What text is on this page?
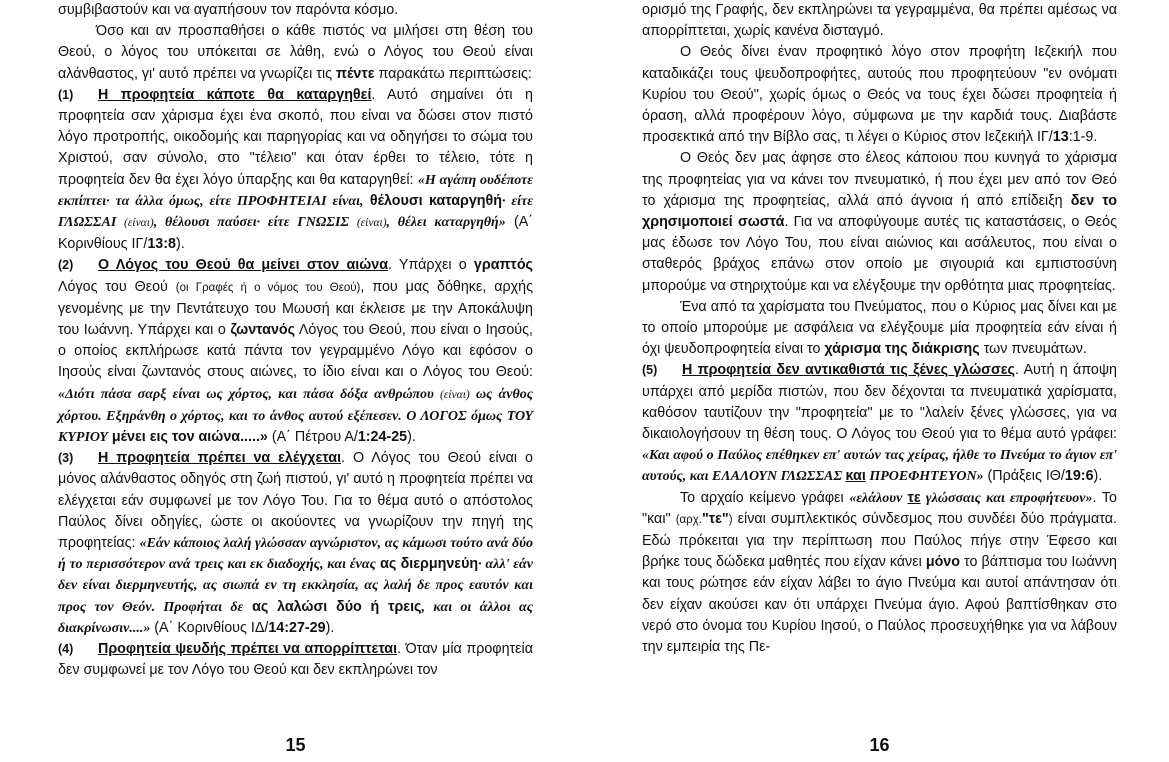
συμβιβαστούν και να αγαπήσουν τον παρόντα κόσμο.

Όσο και αν προσπαθήσει ο κάθε πιστός να μιλήσει στη θέση του Θεού, ο λόγος του υπόκειται σε λάθη, ενώ ο Λόγος του Θεού είναι αλάνθαστος, γι' αυτό πρέπει να γνωρίζει τις πέντε παρακάτω περιπτώσεις:

(1) Η προφητεία κάποτε θα καταργηθεί. Αυτό σημαίνει ότι η προφητεία σαν χάρισμα έχει ένα σκοπό, που είναι να δώσει στον πιστό λόγο προτροπής, οικοδομής και παρηγορίας και να οδηγήσει το σώμα του Χριστού, σαν σύνολο, στο "τέλειο" και όταν έρθει το τέλειο, τότε η προφητεία δεν θα έχει λόγο ύπαρξης και θα καταργηθεί: «Η αγάπη ουδέποτε εκπίπτει· τα άλλα όμως, είτε ΠΡΟΦΗΤΕΙΑΙ είναι, θέλουσι καταργηθή· είτε ΓΛΩΣΣΑΙ (είναι), θέλουσι παύσει· είτε ΓΝΩΣΙΣ (είναι), θέλει καταργηθή» (Α΄ Κορινθίους ΙΓ/13:8).

(2) Ο Λόγος του Θεού θα μείνει στον αιώνα. Υπάρχει ο γραπτός Λόγος του Θεού (οι Γραφές ή ο νόμος του Θεού), που μας δόθηκε, αρχής γενομένης με την Πεντάτευχο του Μωυσή και έκλεισε με την Αποκάλυψη του Ιωάννη. Υπάρχει και ο ζωντανός Λόγος του Θεού, που είναι ο Ιησούς, ο οποίος εκπλήρωσε κατά πάντα τον γεγραμμένο Λόγο και εφόσον ο Ιησούς είναι ζωντανός στους αιώνες, το ίδιο είναι και ο Λόγος του Θεού: «Διότι πάσα σαρξ είναι ως χόρτος, και πάσα δόξα ανθρώπου (είναι) ως άνθος χόρτου. Εξηράνθη ο χόρτος, και το άνθος αυτού εξέπεσεν. Ο ΛΟΓΟΣ όμως ΤΟΥ ΚΥΡΙΟΥ μένει εις τον αιώνα.....» (Α΄ Πέτρου Α/1:24-25).

(3) Η προφητεία πρέπει να ελέγχεται. Ο Λόγος του Θεού είναι ο μόνος αλάνθαστος οδηγός στη ζωή πιστού, γι' αυτό η προφητεία πρέπει να ελέγχεται εάν συμφωνεί με τον Λόγο Του. Για το θέμα αυτό ο απόστολος Παύλος δίνει οδηγίες, ώστε οι ακούοντες να γνωρίζουν την πηγή της προφητείας: «Εάν κάποιος λαλή γλώσσαν αγνώριστον, ας κάμωσι τούτο ανά δύο ή το περισσότερον ανά τρεις και εκ διαδοχής, και ένας ας διερμηνεύη· αλλ' εάν δεν είναι διερμηνευτής, ας σιωπά εν τη εκκλησία, ας λαλή δε προς εαυτόν και προς τον Θεόν. Προφήται δε ας λαλώσι δύο ή τρεις, και οι άλλοι ας διακρίνωσιν....» (Α΄ Κορινθίους ΙΔ/14:27-29).

(4) Προφητεία ψευδής πρέπει να απορρίπτεται. Όταν μία προφητεία δεν συμφωνεί με τον Λόγο του Θεού και δεν εκπληρώνει τον

15

ορισμό της Γραφής, δεν εκπληρώνει τα γεγραμμένα, θα πρέπει αμέσως να απορρίπτεται, χωρίς κανένα δισταγμό.

Ο Θεός δίνει έναν προφητικό λόγο στον προφήτη Ιεζεκιήλ που καταδικάζει τους ψευδοπροφήτες, αυτούς που προφητεύουν "εν ονόματι Κυρίου του Θεού", χωρίς όμως ο Θεός να τους έχει δώσει προφητεία ή όραση, αλλά προφέρουν λόγο, σύμφωνα με την καρδιά τους. Διαβάστε προσεκτικά από την Βίβλο σας, τι λέγει ο Κύριος στον Ιεζεκιήλ ΙΓ/13:1-9.

Ο Θεός δεν μας άφησε στο έλεος κάποιου που κυνηγά το χάρισμα της προφητείας για να κάνει τον πνευματικό, ή που έχει μεν από τον Θεό το χάρισμα της προφητείας, αλλά από άγνοια ή από επίδειξη δεν το χρησιμοποιεί σωστά. Για να αποφύγουμε αυτές τις καταστάσεις, ο Θεός μας έδωσε τον Λόγο Του, που είναι αιώνιος και ασάλευτος, που είναι ο σταθερός βράχος επάνω στον οποίο με σιγουριά και εμπιστοσύνη μπορούμε να στηριχτούμε και να ελέγξουμε την ορθότητα μιας προφητείας.

Ένα από τα χαρίσματα του Πνεύματος, που ο Κύριος μας δίνει και με το οποίο μπορούμε με ασφάλεια να ελέγξουμε μία προφητεία εάν είναι ή όχι ψευδοπροφητεία είναι το χάρισμα της διάκρισης των πνευμάτων.

(5) Η προφητεία δεν αντικαθιστά τις ξένες γλώσσες. Αυτή η άποψη υπάρχει από μερίδα πιστών, που δεν δέχονται τα πνευματικά χαρίσματα, καθόσον ταυτίζουν την "προφητεία" με το "λαλείν ξένες γλώσσες, για να δικαιολογήσουν τη θέση τους. Ο Λόγος του Θεού για το θέμα αυτό γράφει: «Και αφού ο Παύλος επέθηκεν επ' αυτών τας χείρας, ήλθε το Πνεύμα το άγιον επ' αυτούς, και ΕΛΑΛΟΥΝ ΓΛΩΣΣΑΣ και ΠΡΟΕΦΗΤΕΥΟΝ» (Πράξεις ΙΘ/19:6).

Το αρχαίο κείμενο γράφει «ελάλουν τε γλώσσαις και επροφήτευον». Το "και" (αρχ."τε") είναι συμπλεκτικός σύνδεσμος που συνδέει δύο πράγματα. Εδώ πρόκειται για την περίπτωση που Παύλος πήγε στην Έφεσο και βρήκε τους δώδεκα μαθητές που είχαν κάνει μόνο το βάπτισμα του Ιωάννη και τους ρώτησε εάν είχαν λάβει το άγιο Πνεύμα και αυτοί απάντησαν ότι δεν είχαν ακούσει καν ότι υπάρχει Πνεύμα άγιο. Αφού βαπτίσθηκαν στο νερό στο όνομα του Κυρίου Ιησού, ο Παύλος προσευχήθηκε για να λάβουν την εμπειρία της Πε-

16
